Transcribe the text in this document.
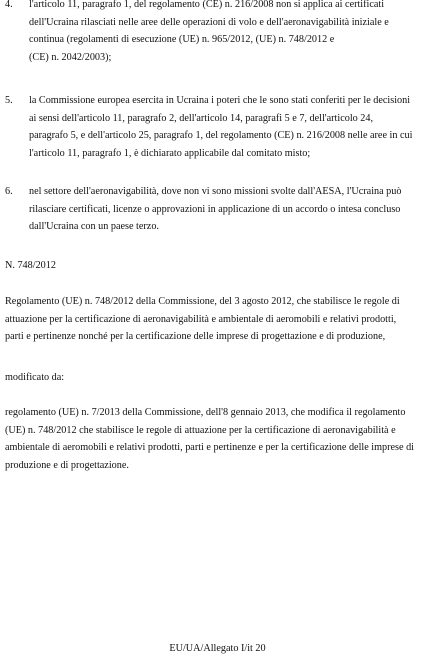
4. l'articolo 11, paragrafo 1, del regolamento (CE) n. 216/2008 non si applica ai certificati
dell'Ucraina rilasciati nelle aree delle operazioni di volo e dell'aeronavigabilità iniziale e
continua (regolamenti di esecuzione (UE) n. 965/2012, (UE) n. 748/2012 e
(CE) n. 2042/2003);
5. la Commissione europea esercita in Ucraina i poteri che le sono stati conferiti per le decisioni
ai sensi dell'articolo 11, paragrafo 2, dell'articolo 14, paragrafi 5 e 7, dell'articolo 24,
paragrafo 5, e dell'articolo 25, paragrafo 1, del regolamento (CE) n. 216/2008 nelle aree in cui
l'articolo 11, paragrafo 1, è dichiarato applicabile dal comitato misto;
6. nel settore dell'aeronavigabilità, dove non vi sono missioni svolte dall'AESA, l'Ucraina può
rilasciare certificati, licenze o approvazioni in applicazione di un accordo o intesa concluso
dall'Ucraina con un paese terzo.
N. 748/2012
Regolamento (UE) n. 748/2012 della Commissione, del 3 agosto 2012, che stabilisce le regole di
attuazione per la certificazione di aeronavigabilità e ambientale di aeromobili e relativi prodotti,
parti e pertinenze nonché per la certificazione delle imprese di progettazione e di produzione,
modificato da:
regolamento (UE) n. 7/2013 della Commissione, dell'8 gennaio 2013, che modifica il regolamento
(UE) n. 748/2012 che stabilisce le regole di attuazione per la certificazione di aeronavigabilità e
ambientale di aeromobili e relativi prodotti, parti e pertinenze e per la certificazione delle imprese di
produzione e di progettazione.
EU/UA/Allegato I/it 20
